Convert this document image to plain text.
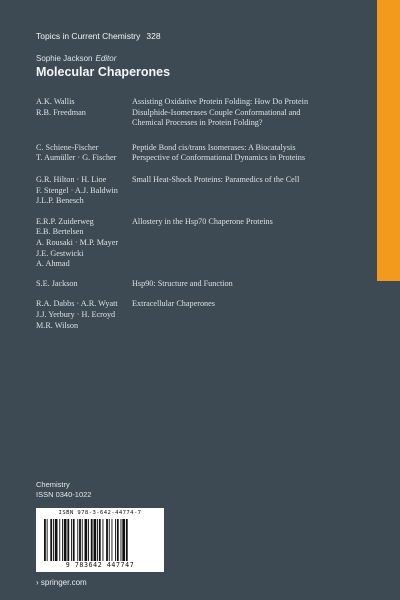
Topics in Current Chemistry 328
Sophie Jackson Editor
Molecular Chaperones
A.K. Wallis
R.B. Freedman
Assisting Oxidative Protein Folding: How Do Protein
Disulphide-Isomerases Couple Conformational and
Chemical Processes in Protein Folding?
C. Schiene-Fischer
T. Aumüller · G. Fischer
Peptide Bond cis/trans Isomerases: A Biocatalysis
Perspective of Conformational Dynamics in Proteins
G.R. Hilton · H. Lioe
F. Stengel · A.J. Baldwin
J.L.P. Benesch
Small Heat-Shock Proteins: Paramedics of the Cell
E.R.P. Zuiderweg
E.B. Bertelsen
A. Rousaki · M.P. Mayer
J.E. Gestwicki
A. Ahmad
Allostery in the Hsp70 Chaperone Proteins
S.E. Jackson	Hsp90: Structure and Function
R.A. Dabbs · A.R. Wyatt
J.J. Yerbury · H. Ecroyd
M.R. Wilson
Extracellular Chaperones
Chemistry
ISSN 0340-1022
ISBN 978-3-642-44774-7
9 783642 447747
› springer.com
